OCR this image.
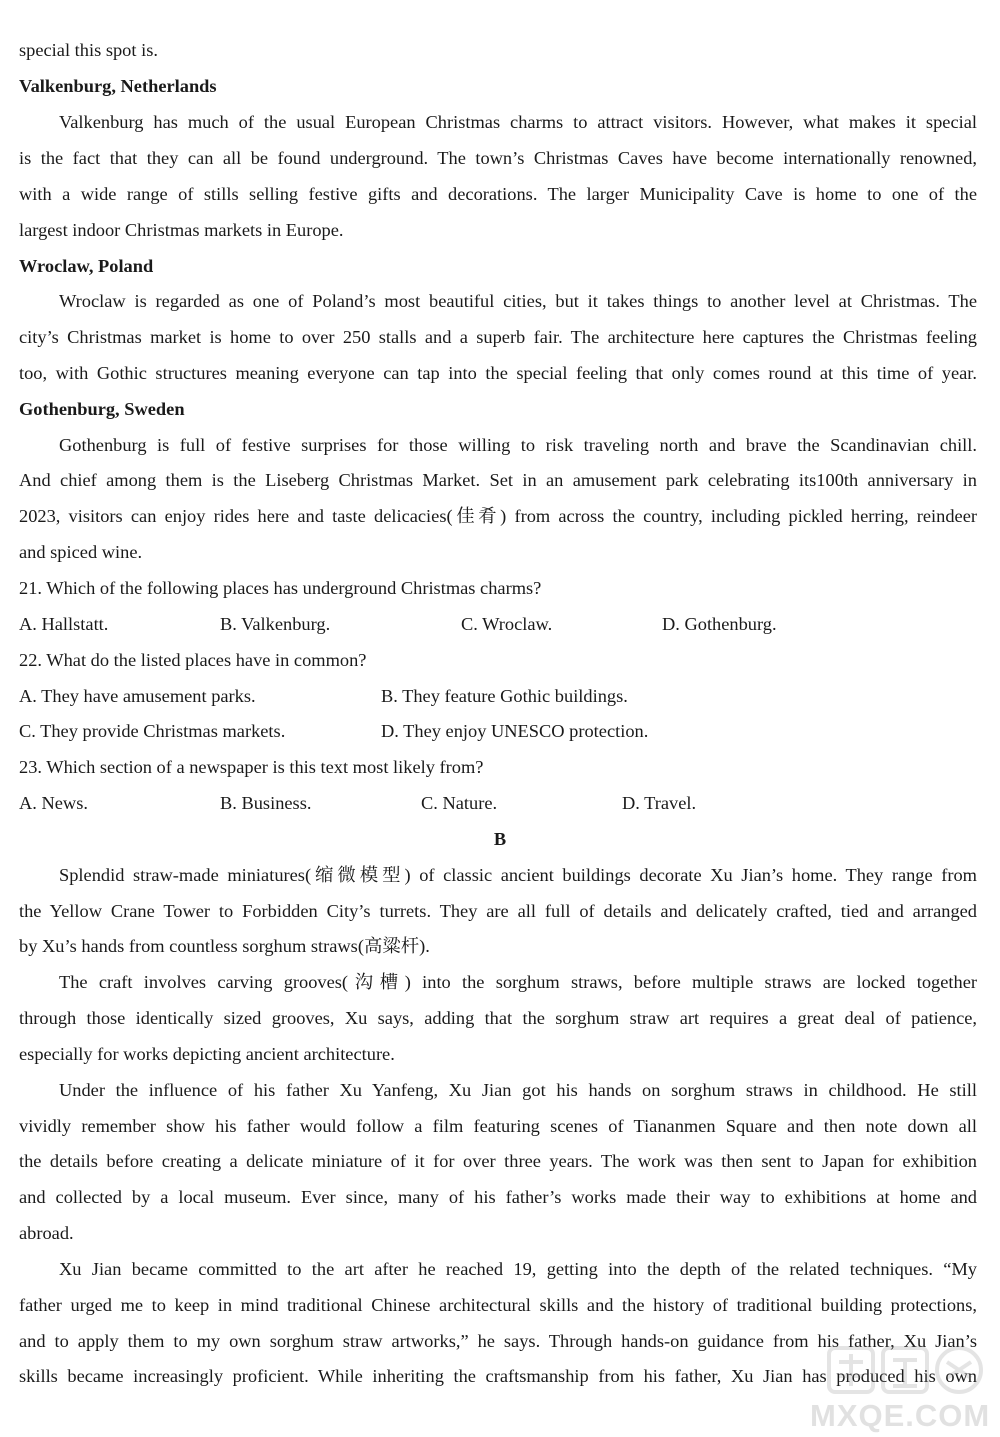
special this spot is.
Valkenburg, Netherlands
Valkenburg has much of the usual European Christmas charms to attract visitors. However, what makes it special
is the fact that they can all be found underground. The town’s Christmas Caves have become internationally renowned,
with a wide range of stills selling festive gifts and decorations. The larger Municipality Cave is home to one of the
largest indoor Christmas markets in Europe.
Wroclaw, Poland
Wroclaw is regarded as one of Poland’s most beautiful cities, but it takes things to another level at Christmas. The
city’s Christmas market is home to over 250 stalls and a superb fair. The architecture here captures the Christmas feeling
too, with Gothic structures meaning everyone can tap into the special feeling that only comes round at this time of year.
Gothenburg, Sweden
Gothenburg is full of festive surprises for those willing to risk traveling north and brave the Scandinavian chill.
And chief among them is the Liseberg Christmas Market. Set in an amusement park celebrating its100th anniversary in
2023, visitors can enjoy rides here and taste delicacies(佳肴) from across the country, including pickled herring, reindeer
and spiced wine.
21. Which of the following places has underground Christmas charms?
A. Hallstatt.	B. Valkenburg.	C. Wroclaw.	D. Gothenburg.
22. What do the listed places have in common?
A. They have amusement parks.	B. They feature Gothic buildings.
C. They provide Christmas markets.	D. They enjoy UNESCO protection.
23. Which section of a newspaper is this text most likely from?
A. News.	B. Business.	C. Nature.	D. Travel.
B
Splendid straw-made miniatures(缩微模型) of classic ancient buildings decorate Xu Jian’s home. They range from
the Yellow Crane Tower to Forbidden City’s turrets. They are all full of details and delicately crafted, tied and arranged
by Xu’s hands from countless sorghum straws(高粱杆).
The craft involves carving grooves(沟槽) into the sorghum straws, before multiple straws are locked together
through those identically sized grooves, Xu says, adding that the sorghum straw art requires a great deal of patience,
especially for works depicting ancient architecture.
Under the influence of his father Xu Yanfeng, Xu Jian got his hands on sorghum straws in childhood. He still
vividly remember show his father would follow a film featuring scenes of Tiananmen Square and then note down all
the details before creating a delicate miniature of it for over three years. The work was then sent to Japan for exhibition
and collected by a local museum. Ever since, many of his father’s works made their way to exhibitions at home and
abroad.
Xu Jian became committed to the art after he reached 19, getting into the depth of the related techniques. “My
father urged me to keep in mind traditional Chinese architectural skills and the history of traditional building protections,
and to apply them to my own sorghum straw artworks,” he says. Through hands-on guidance from his father, Xu Jian’s
skills became increasingly proficient. While inheriting the craftsmanship from his father, Xu Jian has produced his own
MXQE.COM
